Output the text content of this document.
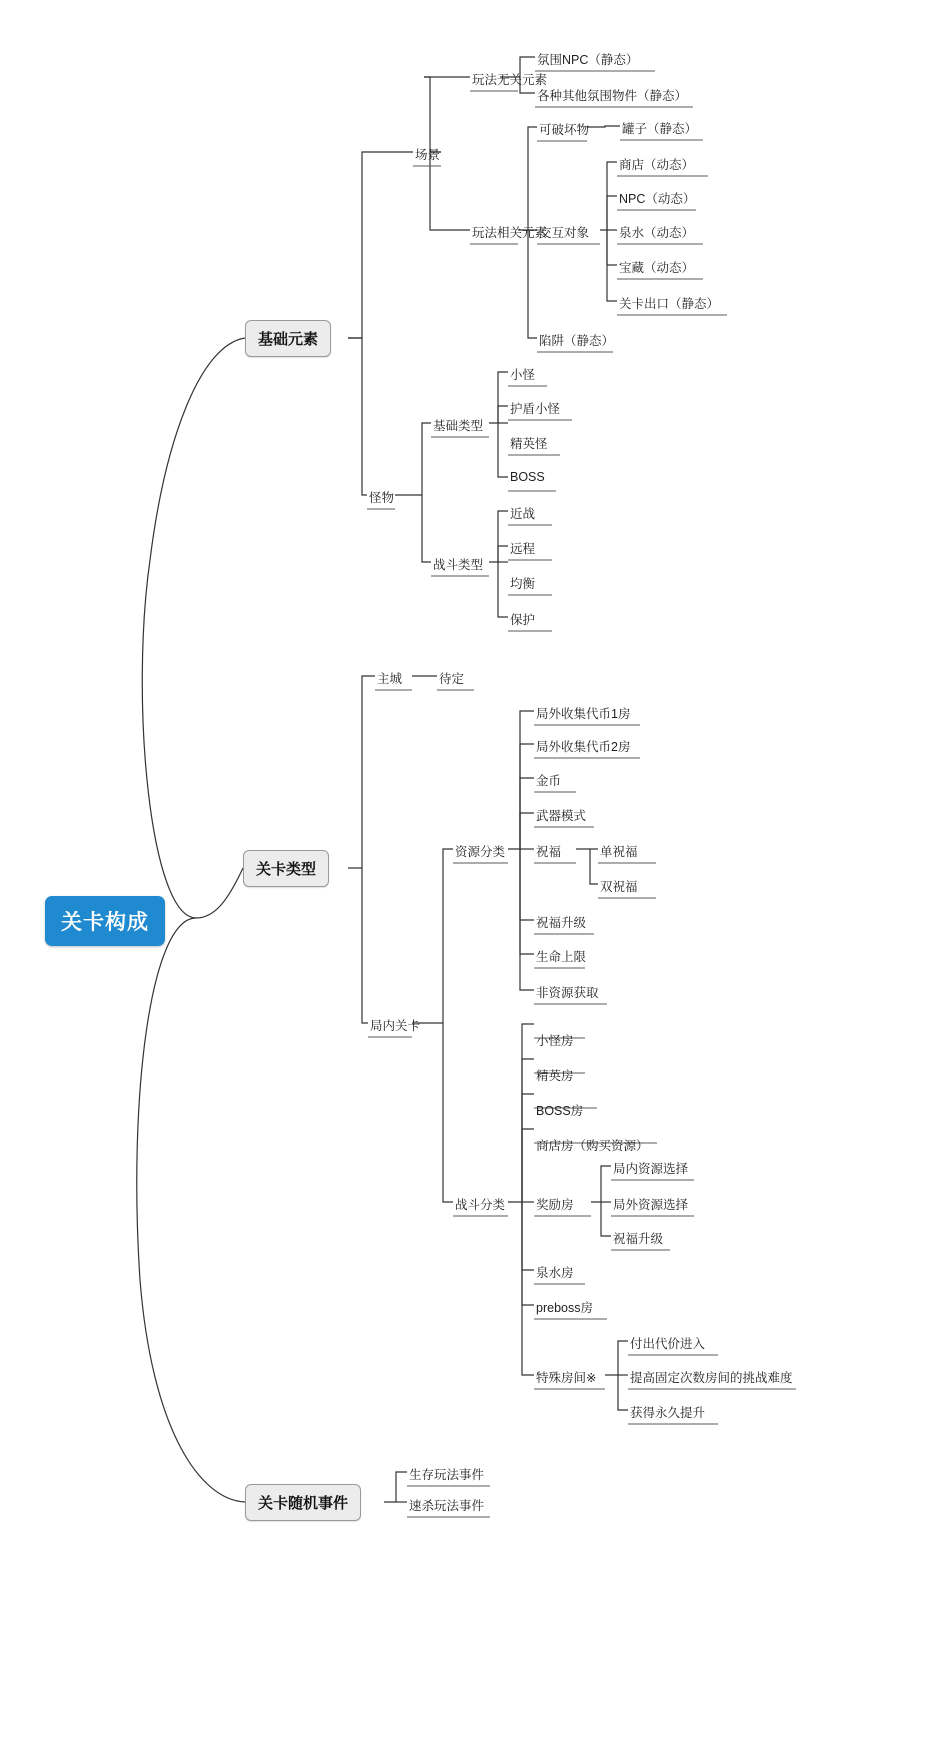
关卡构成
基础元素
关卡类型
关卡随机事件
场景
玩法无关元素
氛围NPC（静态）
各种其他氛围物件（静态）
玩法相关元素
可破坏物	罐子（静态）
交互对象
商店（动态）
NPC（动态）
泉水（动态）
宝藏（动态）
关卡出口（静态）
陷阱（静态）
怪物
基础类型
小怪
护盾小怪
精英怪
BOSS
战斗类型
近战
远程
均衡
保护
主城	待定
局内关卡
资源分类
局外收集代币1房
局外收集代币2房
金币
武器模式
祝福	单祝福
双祝福
祝福升级
生命上限
非资源获取
战斗分类
小怪房
精英房
BOSS房
商店房（购买资源）
奖励房
局内资源选择
局外资源选择
祝福升级
泉水房
preboss房
特殊房间※
付出代价进入
提高固定次数房间的挑战难度
获得永久提升
生存玩法事件
速杀玩法事件
